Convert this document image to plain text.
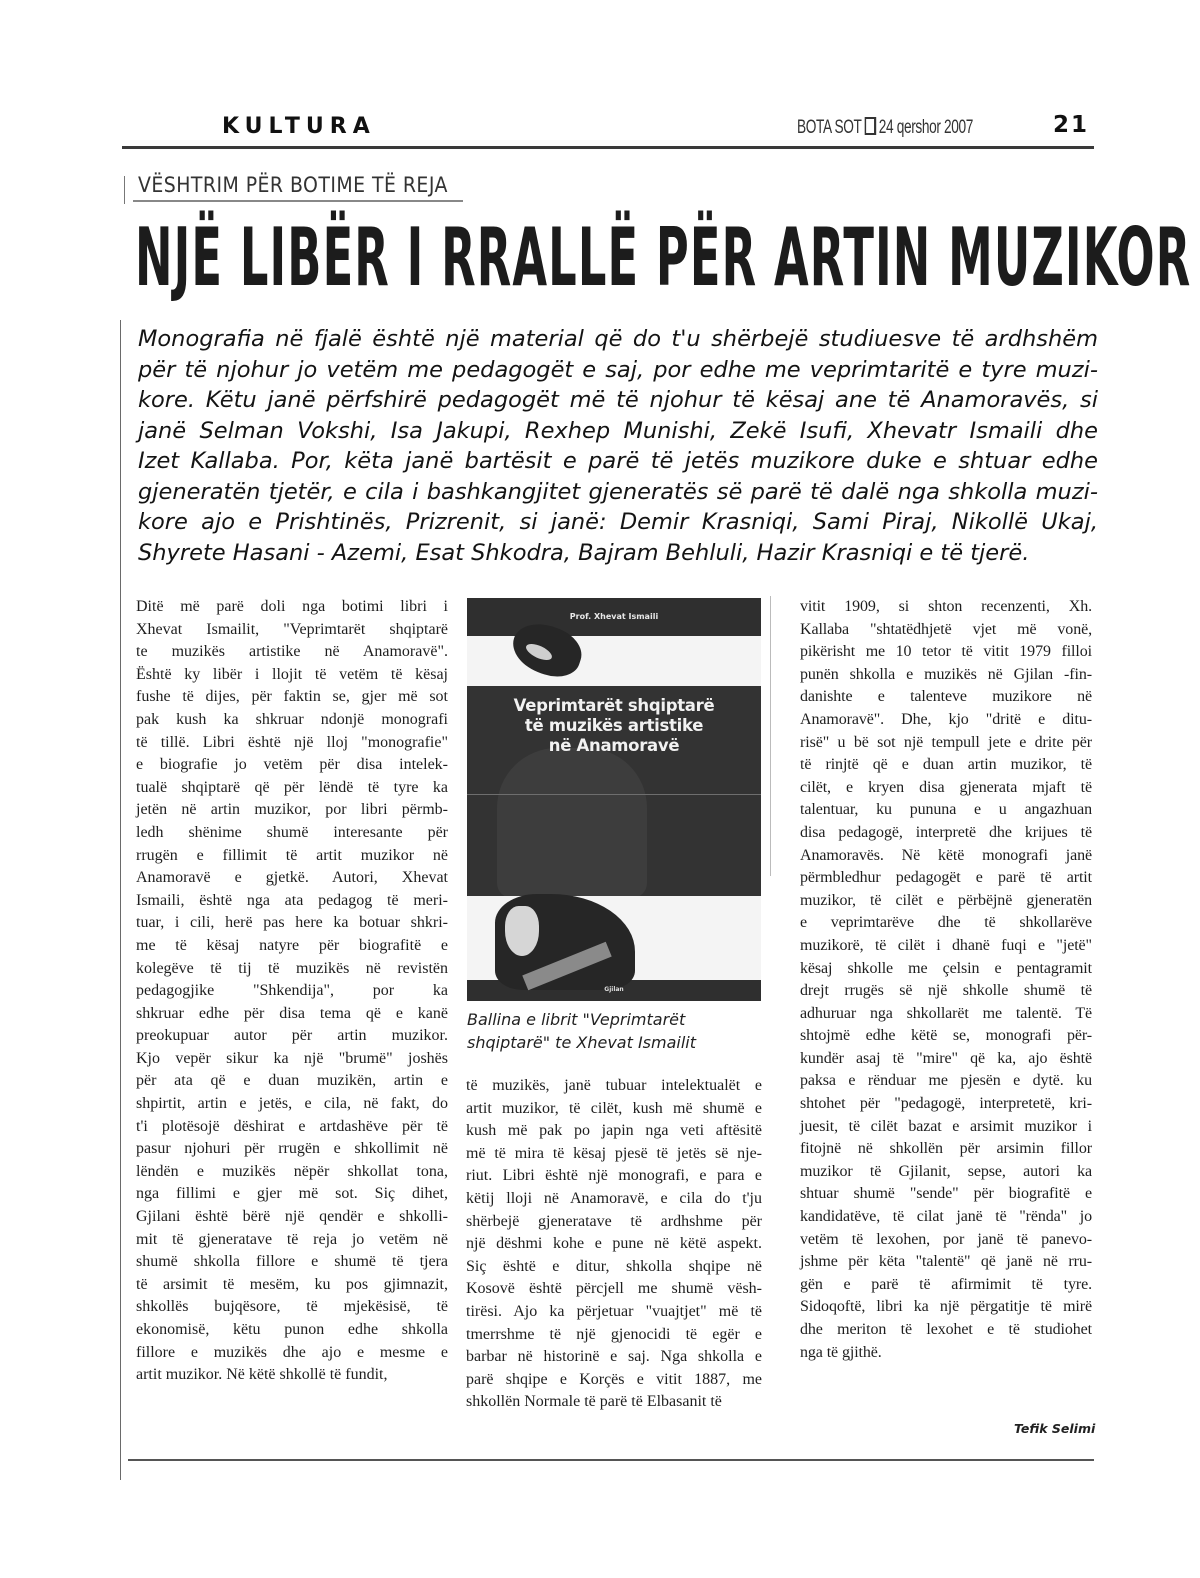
KULTURA	BOTA SOT 24 qershor 2007	21
VËSHTRIM PËR BOTIME TË REJA
NJË LIBËR I RRALLË PËR ARTIN MUZIKOR

Monografia në fjalë është një material që do t'u shërbejë studiuesve të ardhshëm

për të njohur jo vetëm me pedagogët e saj, por edhe me veprimtaritë e tyre muzi-

kore. Këtu janë përfshirë pedagogët më të njohur të kësaj ane të Anamoravës, si

janë Selman Vokshi, Isa Jakupi, Rexhep Munishi, Zekë Isufi, Xhevatr Ismaili dhe

Izet Kallaba. Por, këta janë bartësit e parë të jetës muzikore duke e shtuar edhe

gjeneratën tjetër, e cila i bashkangjitet gjeneratës së parë të dalë nga shkolla muzi-

kore ajo e Prishtinës, Prizrenit, si janë: Demir Krasniqi, Sami Piraj, Nikollë Ukaj,

Shyrete Hasani - Azemi, Esat Shkodra, Bajram Behluli, Hazir Krasniqi e të tjerë.

Ditë më parë doli nga botimi libri i

Xhevat Ismailit, "Veprimtarët shqiptarë

te muzikës artistike në Anamoravë".

Është ky libër i llojit të vetëm të kësaj

fushe të dijes, për faktin se, gjer më sot

pak kush ka shkruar ndonjë monografi

të tillë. Libri është një lloj "monografie"

e biografie jo vetëm për disa intelek-

tualë shqiptarë që për lëndë të tyre ka

jetën në artin muzikor, por libri përmb-

ledh shënime shumë interesante për

rrugën e fillimit të artit muzikor në

Anamoravë e gjetkë. Autori, Xhevat

Ismaili, është nga ata pedagog të meri-

tuar, i cili, herë pas here ka botuar shkri-

me të kësaj natyre për biografitë e

kolegëve të tij të muzikës në revistën

pedagogjike "Shkendija", por ka

shkruar edhe për disa tema që e kanë

preokupuar autor për artin muzikor.

Kjo vepër sikur ka një "brumë" joshës

për ata që e duan muzikën, artin e

shpirtit, artin e jetës, e cila, në fakt, do

t'i plotësojë dëshirat e artdashëve për të

pasur njohuri për rrugën e shkollimit në

lëndën e muzikës nëpër shkollat tona,

nga fillimi e gjer më sot. Siç dihet,

Gjilani është bërë një qendër e shkolli-

mit të gjeneratave të reja jo vetëm në

shumë shkolla fillore e shumë të tjera

të arsimit të mesëm, ku pos gjimnazit,

shkollës bujqësore, të mjekësisë, të

ekonomisë, këtu punon edhe shkolla

fillore e muzikës dhe ajo e mesme e

artit muzikor. Në këtë shkollë të fundit,

Prof. Xhevat Ismaili
Veprimtarët shqiptarë
të muzikës artistike
në Anamoravë
Gjilan
Ballina e librit "Veprimtarët
shqiptarë" te Xhevat Ismailit

të muzikës, janë tubuar intelektualët e

artit muzikor, të cilët, kush më shumë e

kush më pak po japin nga veti aftësitë

më të mira të kësaj pjesë të jetës së nje-

riut. Libri është një monografi, e para e

këtij lloji në Anamoravë, e cila do t'ju

shërbejë gjeneratave të ardhshme për

një dëshmi kohe e pune në këtë aspekt.

Siç është e ditur, shkolla shqipe në

Kosovë është përcjell me shumë vësh-

tirësi. Ajo ka përjetuar "vuajtjet" më të

tmerrshme të një gjenocidi të egër e

barbar në historinë e saj. Nga shkolla e

parë shqipe e Korçës e vitit 1887, me

shkollën Normale të parë të Elbasanit të

vitit 1909, si shton recenzenti, Xh.

Kallaba "shtatëdhjetë vjet më vonë,

pikërisht me 10 tetor të vitit 1979 filloi

punën shkolla e muzikës në Gjilan -fin-

danishte e talenteve muzikore në

Anamoravë". Dhe, kjo "dritë e ditu-

risë" u bë sot një tempull jete e drite për

të rinjtë që e duan artin muzikor, të

cilët, e kryen disa gjenerata mjaft të

talentuar, ku pununa e u angazhuan

disa pedagogë, interpretë dhe krijues të

Anamoravës. Në këtë monografi janë

përmbledhur pedagogët e parë të artit

muzikor, të cilët e përbëjnë gjeneratën

e veprimtarëve dhe të shkollarëve

muzikorë, të cilët i dhanë fuqi e "jetë"

kësaj shkolle me çelsin e pentagramit

drejt rrugës së një shkolle shumë të

adhuruar nga shkollarët me talentë. Të

shtojmë edhe këtë se, monografi për-

kundër asaj të "mire" që ka, ajo është

paksa e rënduar me pjesën e dytë. ku

shtohet për "pedagogë, interpretetë, kri-

juesit, të cilët bazat e arsimit muzikor i

fitojnë në shkollën për arsimin fillor

muzikor të Gjilanit, sepse, autori ka

shtuar shumë "sende" për biografitë e

kandidatëve, të cilat janë të "rënda" jo

vetëm të lexohen, por janë të panevo-

jshme për këta "talentë" që janë në rru-

gën e parë të afirmimit të tyre.

Sidoqoftë, libri ka një përgatitje të mirë

dhe meriton të lexohet e të studiohet

nga të gjithë.

Tefik Selimi
